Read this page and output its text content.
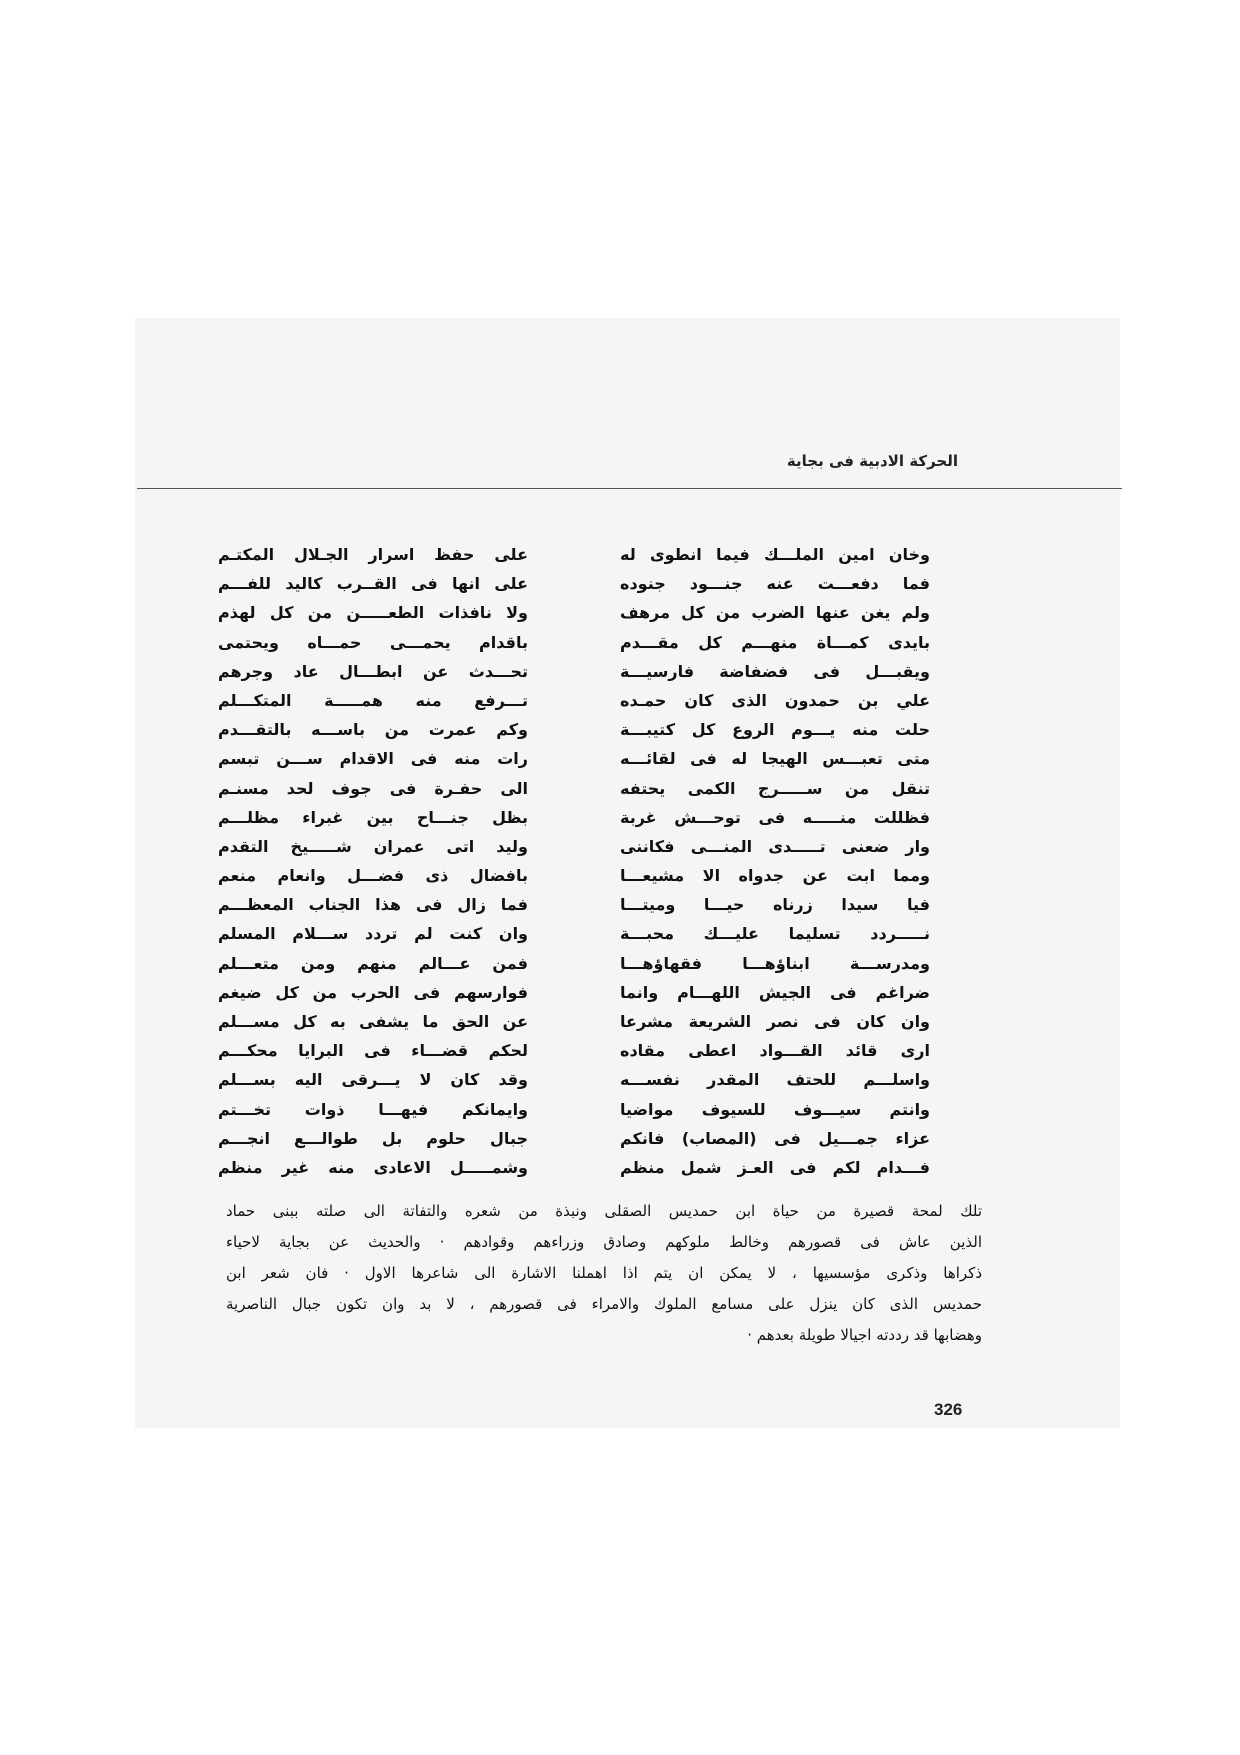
الحركة الادبية فى بجاية
وخان امين الملـــك فيما انطوى له
فما دفعـــت عنه جنـــود جنوده
ولم يغن عنها الضرب من كل مرهف
بايدى كمـــاة منهـــم كل مقـــدم
ويقبـــل فى فضفاضة فارسيـــة
علي بن حمدون الذى كان حمـده
حلت منه يـــوم الروع كل كتيبـــة
متى تعبـــس الهيجا له فى لقائـــه
تنقل من ســـــرج الكمى يحتفه
فظللت منـــــه فى توحـــش غربة
وار ضعنى تـــــدى المنـــى فكاننى
ومما ابت عن جدواه الا مشيعـــا
فيا سيدا زرناه حيـــا وميتـــا
نـــــردد تسليما عليـــك محبـــة
ومدرســـة ابناؤهـــا فقهاؤهـــا
ضراغم فى الجيش اللهـــام وانما
وان كان فى نصر الشريعة مشرعا
ارى قائد القـــواد اعطى مقاده
واسلـــم للحتف المقدر نفســـه
وانتم سيـــوف للسيوف مواضيا
عزاء جمـــيل فى (المصاب) فانكم
فـــدام لكم فى العـز شمل منظم
على حفظ اسرار الجـلال المكتـم
على انها فى القــرب كاليد للفـــم
ولا نافذات الطعـــــن من كل لهذم
باقدام يحمـــى حمـــاه ويحتمى
تحـــدث عن ابطـــال عاد وجرهم
تـــرفع منه همـــــة المتكـــلم
وكم عمرت من باســـه بالتقـــدم
رات منه فى الاقدام ســـن تبسم
الى حفـرة فى جوف لحد مسنـم
بظل جنـــاح بين غبراء مظلـــم
وليد اتى عمران شـــــيخ التقدم
بافضال ذى فضـــل وانعام منعم
فما زال فى هذا الجناب المعظـــم
وان كنت لم تردد ســـلام المسلم
فمن عـــالم منهم ومن متعـــلم
فوارسهم فى الحرب من كل ضيغم
عن الحق ما يشفى به كل مســـلم
لحكم قضـــاء فى البرايا محكـــم
وقد كان لا يـــرقى اليه بســـلم
وايمانكم فيهـــا ذوات تخـــتم
جبال حلوم بل طوالـــع انجـــم
وشمـــــل الاعادى منه غير منظم
تلك لمحة قصيرة من حياة ابن حمديس الصقلى ونبذة من شعره والتفاتة الى صلته ببنى حماد
الذين عاش فى قصورهم وخالط ملوكهم وصادق وزراءهم وقوادهم · والحديث عن بجاية لاحياء
ذكراها وذكرى مؤسسيها ، لا يمكن ان يتم اذا اهملنا الاشارة الى شاعرها الاول · فان شعر ابن
حمديس الذى كان ينزل على مسامع الملوك والامراء فى قصورهم ، لا بد وان تكون جبال الناصرية
وهضابها قد رددته اجيالا طويلة بعدهم ·
326
